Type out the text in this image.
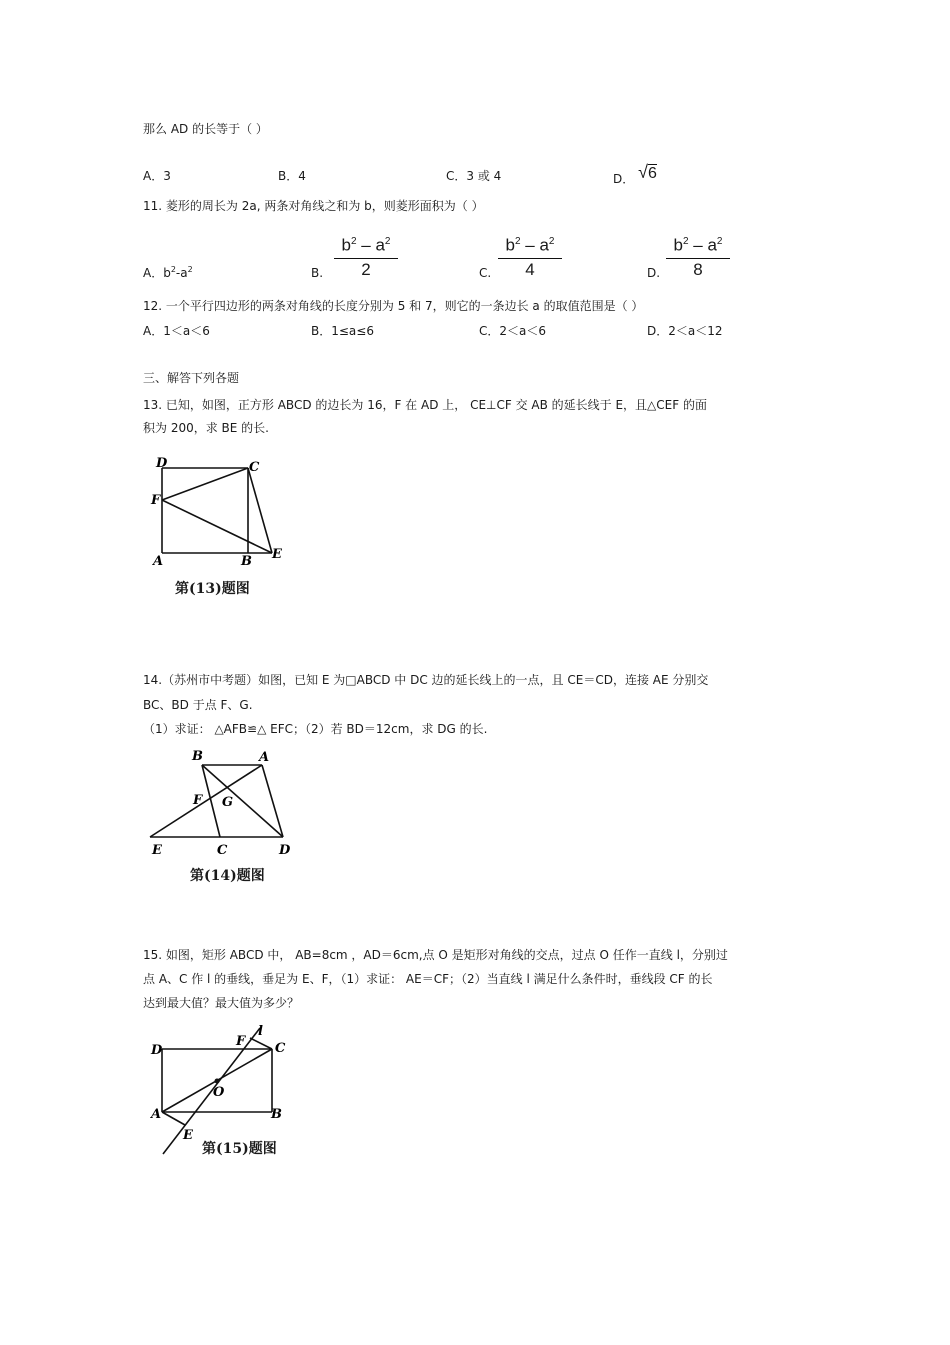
那么 AD 的长等于（ ）
A．3	B．4	C．3 或 4	D． √6
11. 菱形的周长为 2a, 两条对角线之和为 b，则菱形面积为（ ）
A．$b^2-a^2$	B. $\frac{b^2 - a^2}{2}$	C. $\frac{b^2 - a^2}{4}$	D. $\frac{b^2 - a^2}{8}$
12. 一个平行四边形的两条对角线的长度分别为 5 和 7，则它的一条边长 a 的取值范围是（ ）
A．1＜a＜6	B．1≤a≤6	C．2＜a＜6	D．2＜a＜12
三、解答下列各题
13. 已知，如图，正方形 ABCD 的边长为 16，F 在 AD 上， CE⊥CF 交 AB 的延长线于 E，且△CEF 的面
积为 200，求 BE 的长.
D	C
F
A	B E
第(13)题图
14.（苏州市中考题）如图，已知 E 为□ABCD 中 DC 边的延长线上的一点，且 CE＝CD，连接 AE 分别交
BC、BD 于点 F、G.
（1）求证： △AFB≌△ EFC；（2）若 BD＝12cm，求 DG 的长.
B	A
F G
E	C	D
第(14)题图
15. 如图，矩形 ABCD 中， AB=8cm ，AD＝6cm,点 O 是矩形对角线的交点，过点 O 任作一直线 l，分别过
点 A、C 作 l 的垂线，垂足为 E、F，（1）求证： AE＝CF；（2）当直线 l 满足什么条件时，垂线段 CF 的长
达到最大值？最大值为多少？
F
l
C
D
O
A	B
E
第(15)题图
